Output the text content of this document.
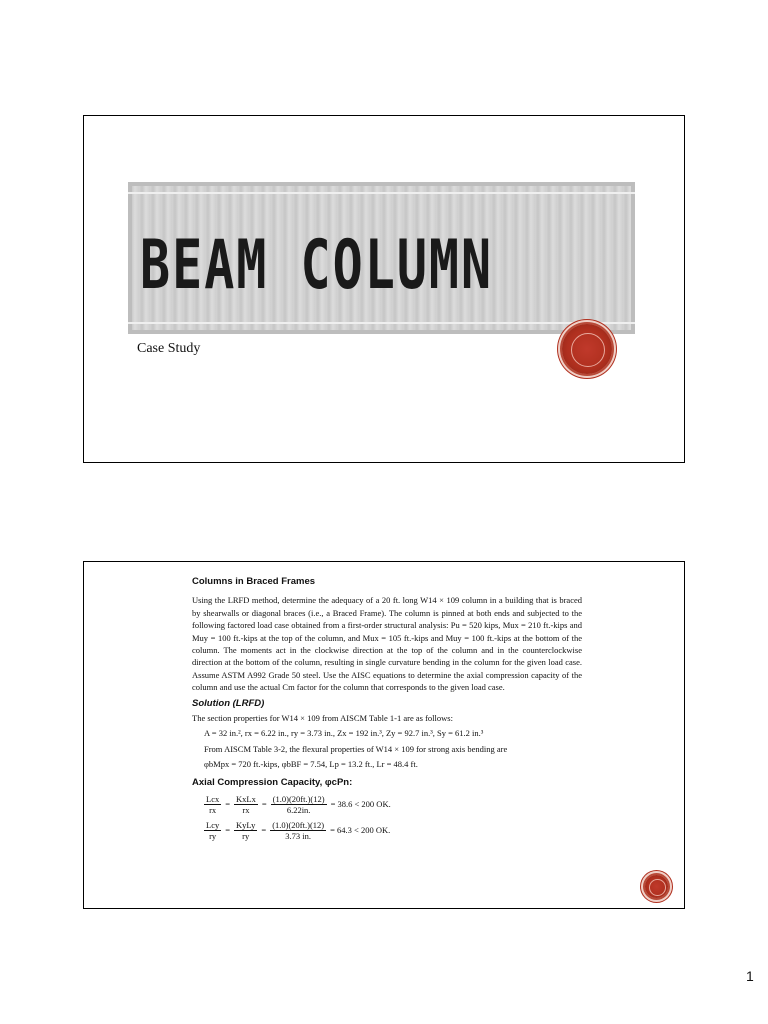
BEAM COLUMN
Case Study

Columns in Braced Frames

Using the LRFD method, determine the adequacy of a 20 ft. long W14 × 109 column in a building that is braced by shearwalls or diagonal braces (i.e., a Braced Frame). The column is pinned at both ends and subjected to the following factored load case obtained from a first-order structural analysis: Pu = 520 kips, Mux = 210 ft.-kips and Muy = 100 ft.-kips at the top of the column, and Mux = 105 ft.-kips and Muy = 100 ft.-kips at the bottom of the column. The moments act in the clockwise direction at the top of the column and in the counterclockwise direction at the bottom of the column, resulting in single curvature bending in the column for the given load case. Assume ASTM A992 Grade 50 steel. Use the AISC equations to determine the axial compression capacity of the column and use the actual Cm factor for the column that corresponds to the given load case.

Solution (LRFD)

The section properties for W14 × 109 from AISCM Table 1-1 are as follows:

A = 32 in.², rx = 6.22 in., ry = 3.73 in., Zx = 192 in.³, Zy = 92.7 in.³, Sy = 61.2 in.³

From AISCM Table 3-2, the flexural properties of W14 × 109 for strong axis bending are

φbMpx = 720 ft.-kips, φbBF = 7.54, Lp = 13.2 ft., Lr = 48.4 ft.

Axial Compression Capacity, φcPn:

$\frac{\text{Lcx}}{rx} = \frac{\text{KxLx}}{rx} = \frac{(1.0)(20ft.)(12)}{6.22in.} = 38.6 < 200$ OK.
$\frac{\text{Lcy}}{ry} = \frac{\text{KyLy}}{ry} = \frac{(1.0)(20ft.)(12)}{3.73 in.} = 64.3 < 200$ OK.
1
